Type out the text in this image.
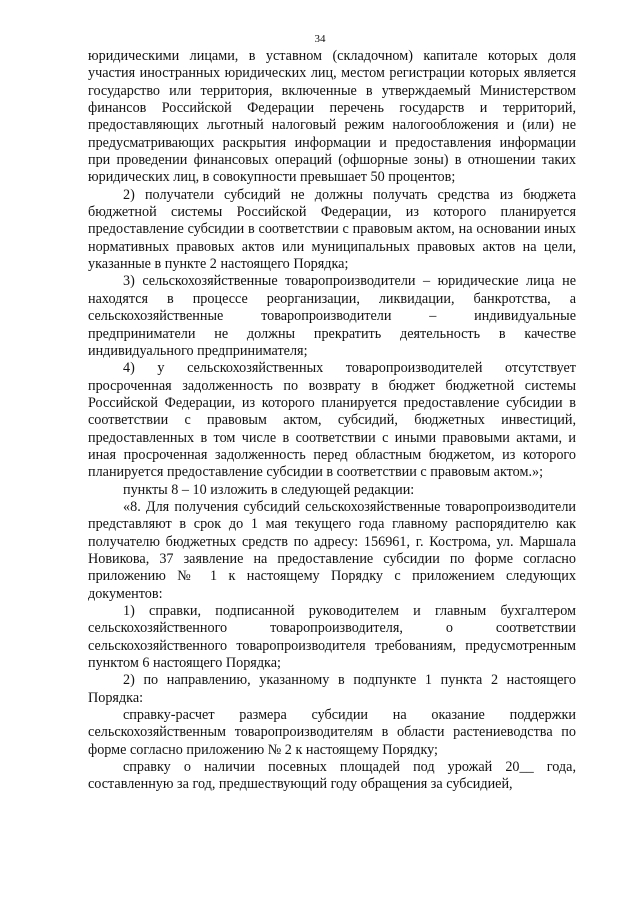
34

юридическими лицами, в уставном (складочном) капитале которых доля участия иностранных юридических лиц, местом регистрации которых является государство или территория, включенные в утверждаемый Министерством финансов Российской Федерации перечень государств и территорий, предоставляющих льготный налоговый режим налогообложения и (или) не предусматривающих раскрытия информации и предоставления информации при проведении финансовых операций (офшорные зоны) в отношении таких юридических лиц, в совокупности превышает 50 процентов;

2) получатели субсидий не должны получать средства из бюджета бюджетной системы Российской Федерации, из которого планируется предоставление субсидии в соответствии с правовым актом, на основании иных нормативных правовых актов или муниципальных правовых актов на цели, указанные в пункте 2 настоящего Порядка;

3) сельскохозяйственные товаропроизводители – юридические лица не находятся в процессе реорганизации, ликвидации, банкротства, а сельскохозяйственные товаропроизводители – индивидуальные предприниматели не должны прекратить деятельность в качестве индивидуального предпринимателя;

4) у сельскохозяйственных товаропроизводителей отсутствует просроченная задолженность по возврату в бюджет бюджетной системы Российской Федерации, из которого планируется предоставление субсидии в соответствии с правовым актом, субсидий, бюджетных инвестиций, предоставленных в том числе в соответствии с иными правовыми актами, и иная просроченная задолженность перед областным бюджетом, из которого планируется предоставление субсидии в соответствии с правовым актом.»;

пункты 8 – 10 изложить в следующей редакции:

«8. Для получения субсидий сельскохозяйственные товаропроизводители представляют в срок до 1 мая текущего года главному распорядителю как получателю бюджетных средств по адресу: 156961, г. Кострома, ул. Маршала Новикова, 37 заявление на предоставление субсидии по форме согласно приложению № 1 к настоящему Порядку с приложением следующих документов:

1) справки, подписанной руководителем и главным бухгалтером сельскохозяйственного товаропроизводителя, о соответствии сельскохозяйственного товаропроизводителя требованиям, предусмотренным пунктом 6 настоящего Порядка;

2) по направлению, указанному в подпункте 1 пункта 2 настоящего Порядка:

справку-расчет размера субсидии на оказание поддержки сельскохозяйственным товаропроизводителям в области растениеводства по форме согласно приложению № 2 к настоящему Порядку;

справку о наличии посевных площадей под урожай 20__ года, составленную за год, предшествующий году обращения за субсидией,
